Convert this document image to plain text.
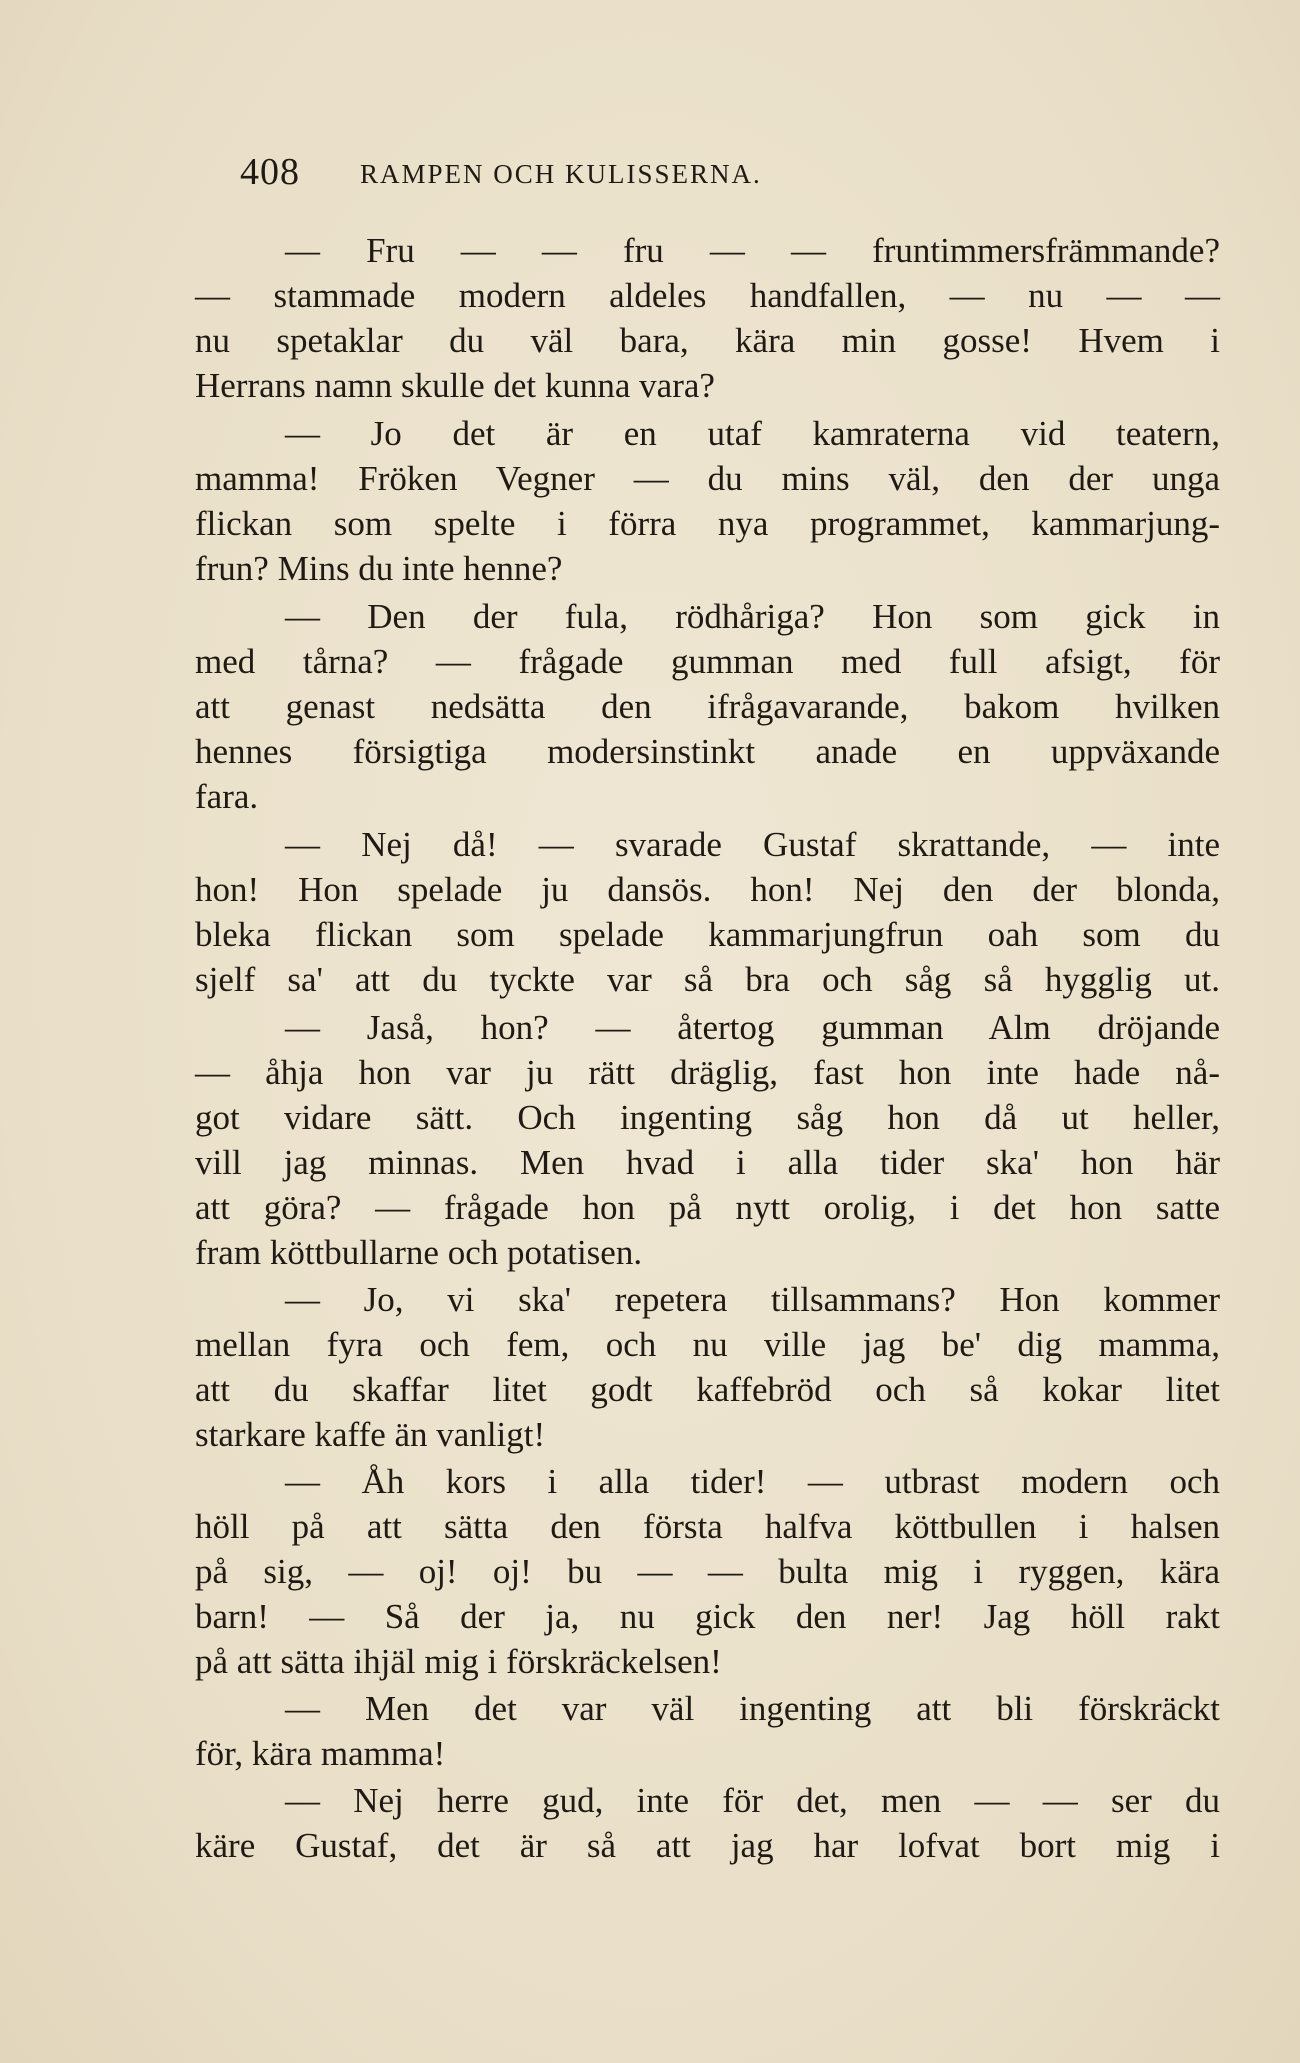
408 RAMPEN OCH KULISSERNA.
— Fru — — fru — — fruntimmersfrämmande?
— stammade modern aldeles handfallen, — nu — —
nu spetaklar du väl bara, kära min gosse! Hvem i
Herrans namn skulle det kunna vara?
— Jo det är en utaf kamraterna vid teatern,
mamma! Fröken Vegner — du mins väl, den der unga
flickan som spelte i förra nya programmet, kammarjung-
frun? Mins du inte henne?
— Den der fula, rödhåriga? Hon som gick in
med tårna? — frågade gumman med full afsigt, för
att genast nedsätta den ifrågavarande, bakom hvilken
hennes försigtiga modersinstinkt anade en uppväxande
fara.
— Nej då! — svarade Gustaf skrattande, — inte
hon! Hon spelade ju dansös. hon! Nej den der blonda,
bleka flickan som spelade kammarjungfrun oah som du
sjelf sa' att du tyckte var så bra och såg så hygglig ut.
— Jaså, hon? — återtog gumman Alm dröjande
— åhja hon var ju rätt dräglig, fast hon inte hade nå-
got vidare sätt. Och ingenting såg hon då ut heller,
vill jag minnas. Men hvad i alla tider ska' hon här
att göra? — frågade hon på nytt orolig, i det hon satte
fram köttbullarne och potatisen.
— Jo, vi ska' repetera tillsammans? Hon kommer
mellan fyra och fem, och nu ville jag be' dig mamma,
att du skaffar litet godt kaffebröd och så kokar litet
starkare kaffe än vanligt!
— Åh kors i alla tider! — utbrast modern och
höll på att sätta den första halfva köttbullen i halsen
på sig, — oj! oj! bu — — bulta mig i ryggen, kära
barn! — Så der ja, nu gick den ner! Jag höll rakt
på att sätta ihjäl mig i förskräckelsen!
— Men det var väl ingenting att bli förskräckt
för, kära mamma!
— Nej herre gud, inte för det, men — — ser du
käre Gustaf, det är så att jag har lofvat bort mig i
